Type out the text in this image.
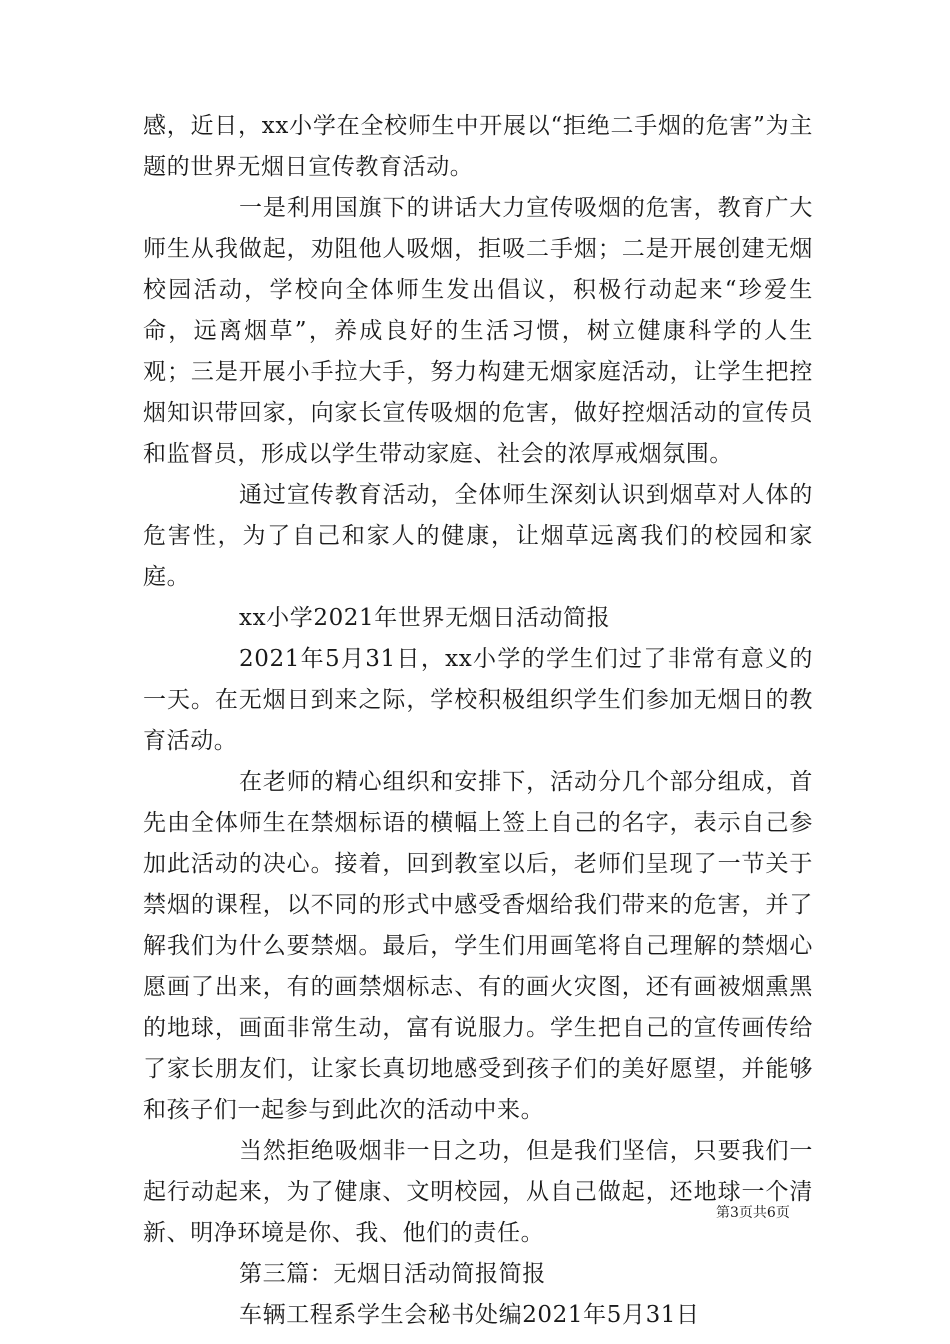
感，近日，xx小学在全校师生中开展以“拒绝二手烟的危害”为主题的世界无烟日宣传教育活动。

一是利用国旗下的讲话大力宣传吸烟的危害，教育广大师生从我做起，劝阻他人吸烟，拒吸二手烟；二是开展创建无烟校园活动，学校向全体师生发出倡议，积极行动起来“珍爱生命，远离烟草”，养成良好的生活习惯，树立健康科学的人生观；三是开展小手拉大手，努力构建无烟家庭活动，让学生把控烟知识带回家，向家长宣传吸烟的危害，做好控烟活动的宣传员和监督员，形成以学生带动家庭、社会的浓厚戒烟氛围。

通过宣传教育活动，全体师生深刻认识到烟草对人体的危害性，为了自己和家人的健康，让烟草远离我们的校园和家庭。

xx小学2021年世界无烟日活动简报

2021年5月31日，xx小学的学生们过了非常有意义的一天。在无烟日到来之际，学校积极组织学生们参加无烟日的教育活动。

在老师的精心组织和安排下，活动分几个部分组成，首先由全体师生在禁烟标语的横幅上签上自己的名字，表示自己参加此活动的决心。接着，回到教室以后，老师们呈现了一节关于禁烟的课程，以不同的形式中感受香烟给我们带来的危害，并了解我们为什么要禁烟。最后，学生们用画笔将自己理解的禁烟心愿画了出来，有的画禁烟标志、有的画火灾图，还有画被烟熏黑的地球，画面非常生动，富有说服力。学生把自己的宣传画传给了家长朋友们，让家长真切地感受到孩子们的美好愿望，并能够和孩子们一起参与到此次的活动中来。

当然拒绝吸烟非一日之功，但是我们坚信，只要我们一起行动起来，为了健康、文明校园，从自己做起，还地球一个清新、明净环境是你、我、他们的责任。

第三篇：无烟日活动简报简报

车辆工程系学生会秘书处编2021年5月31日

第3页共6页
